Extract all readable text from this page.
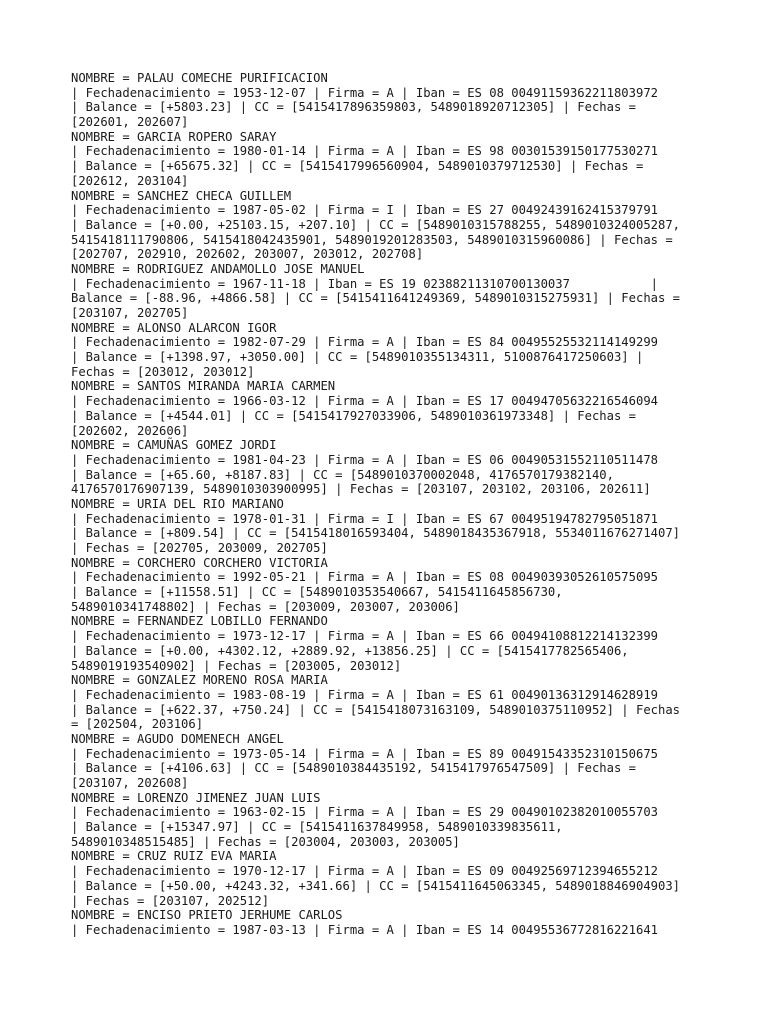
NOMBRE = PALAU COMECHE PURIFICACION
| Fechadenacimiento = 1953-12-07 | Firma = A | Iban = ES 08 00491159362211803972
| Balance = [+5803.23] | CC = [5415417896359803, 5489018920712305] | Fechas =
[202601, 202607]
NOMBRE = GARCIA ROPERO SARAY
| Fechadenacimiento = 1980-01-14 | Firma = A | Iban = ES 98 00301539150177530271
| Balance = [+65675.32] | CC = [5415417996560904, 5489010379712530] | Fechas =
[202612, 203104]
NOMBRE = SANCHEZ CHECA GUILLEM
| Fechadenacimiento = 1987-05-02 | Firma = I | Iban = ES 27 00492439162415379791
| Balance = [+0.00, +25103.15, +207.10] | CC = [5489010315788255, 5489010324005287,
5415418111790806, 5415418042435901, 5489019201283503, 5489010315960086] | Fechas =
[202707, 202910, 202602, 203007, 203012, 202708]
NOMBRE = RODRIGUEZ ANDAMOLLO JOSE MANUEL
| Fechadenacimiento = 1967-11-18 | Iban = ES 19 02388211310700130037           |
Balance = [-88.96, +4866.58] | CC = [5415411641249369, 5489010315275931] | Fechas =
[203107, 202705]
NOMBRE = ALONSO ALARCON IGOR
| Fechadenacimiento = 1982-07-29 | Firma = A | Iban = ES 84 00495525532114149299
| Balance = [+1398.97, +3050.00] | CC = [5489010355134311, 5100876417250603] |
Fechas = [203012, 203012]
NOMBRE = SANTOS MIRANDA MARIA CARMEN
| Fechadenacimiento = 1966-03-12 | Firma = A | Iban = ES 17 00494705632216546094
| Balance = [+4544.01] | CC = [5415417927033906, 5489010361973348] | Fechas =
[202602, 202606]
NOMBRE = CAMUÑAS GOMEZ JORDI
| Fechadenacimiento = 1981-04-23 | Firma = A | Iban = ES 06 00490531552110511478
| Balance = [+65.60, +8187.83] | CC = [5489010370002048, 4176570179382140,
4176570176907139, 5489010303900995] | Fechas = [203107, 203102, 203106, 202611]
NOMBRE = URIA DEL RIO MARIANO
| Fechadenacimiento = 1978-01-31 | Firma = I | Iban = ES 67 00495194782795051871
| Balance = [+809.54] | CC = [5415418016593404, 5489018435367918, 5534011676271407]
| Fechas = [202705, 203009, 202705]
NOMBRE = CORCHERO CORCHERO VICTORIA
| Fechadenacimiento = 1992-05-21 | Firma = A | Iban = ES 08 00490393052610575095
| Balance = [+11558.51] | CC = [5489010353540667, 5415411645856730,
5489010341748802] | Fechas = [203009, 203007, 203006]
NOMBRE = FERNANDEZ LOBILLO FERNANDO
| Fechadenacimiento = 1973-12-17 | Firma = A | Iban = ES 66 00494108812214132399
| Balance = [+0.00, +4302.12, +2889.92, +13856.25] | CC = [5415417782565406,
5489019193540902] | Fechas = [203005, 203012]
NOMBRE = GONZALEZ MORENO ROSA MARIA
| Fechadenacimiento = 1983-08-19 | Firma = A | Iban = ES 61 00490136312914628919
| Balance = [+622.37, +750.24] | CC = [5415418073163109, 5489010375110952] | Fechas
= [202504, 203106]
NOMBRE = AGUDO DOMENECH ANGEL
| Fechadenacimiento = 1973-05-14 | Firma = A | Iban = ES 89 00491543352310150675
| Balance = [+4106.63] | CC = [5489010384435192, 5415417976547509] | Fechas =
[203107, 202608]
NOMBRE = LORENZO JIMENEZ JUAN LUIS
| Fechadenacimiento = 1963-02-15 | Firma = A | Iban = ES 29 00490102382010055703
| Balance = [+15347.97] | CC = [5415411637849958, 5489010339835611,
5489010348515485] | Fechas = [203004, 203003, 203005]
NOMBRE = CRUZ RUIZ EVA MARIA
| Fechadenacimiento = 1970-12-17 | Firma = A | Iban = ES 09 00492569712394655212
| Balance = [+50.00, +4243.32, +341.66] | CC = [5415411645063345, 5489018846904903]
| Fechas = [203107, 202512]
NOMBRE = ENCISO PRIETO JERHUME CARLOS
| Fechadenacimiento = 1987-03-13 | Firma = A | Iban = ES 14 00495536772816221641
